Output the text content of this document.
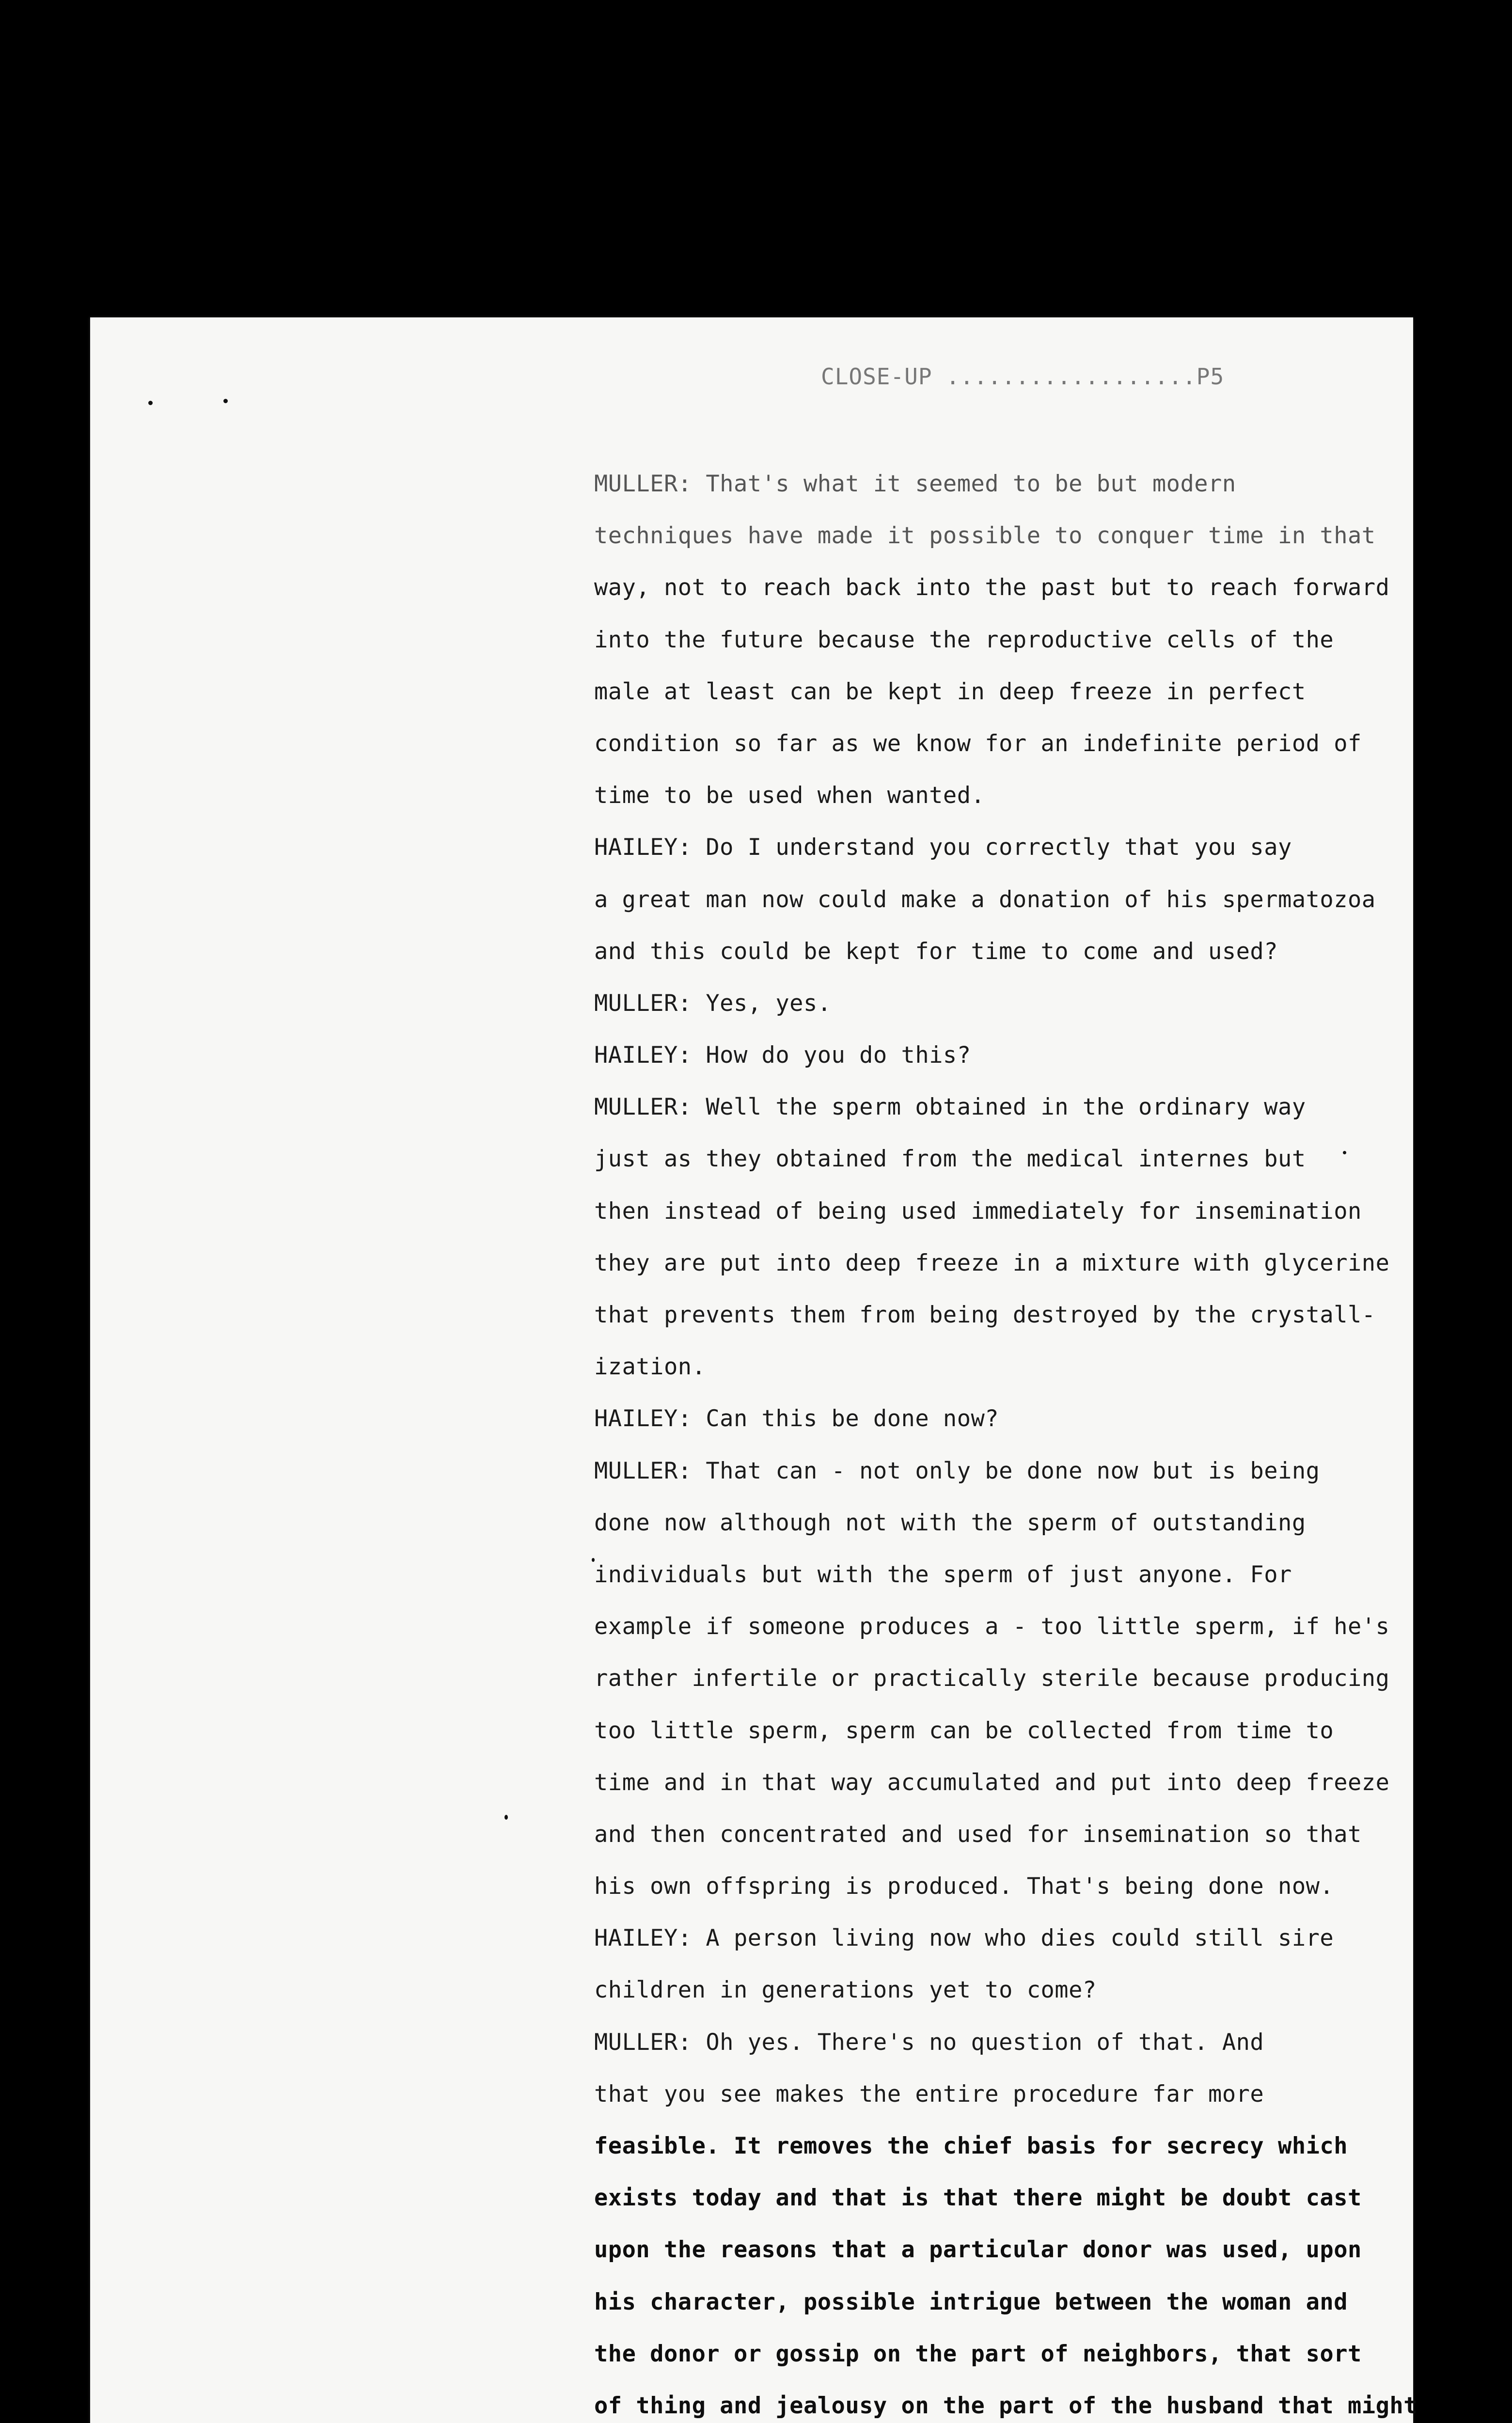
CLOSE-UP ..................P5
MULLER: That's what it seemed to be but modern
techniques have made it possible to conquer time in that
way, not to reach back into the past but to reach forward
into the future because the reproductive cells of the
male at least can be kept in deep freeze in perfect
condition so far as we know for an indefinite period of
time to be used when wanted.
HAILEY: Do I understand you correctly that you say
a great man now could make a donation of his spermatozoa
and this could be kept for time to come and used?
MULLER: Yes, yes.
HAILEY: How do you do this?
MULLER: Well the sperm obtained in the ordinary way
just as they obtained from the medical internes but
then instead of being used immediately for insemination
they are put into deep freeze in a mixture with glycerine
that prevents them from being destroyed by the crystall-
ization.
HAILEY: Can this be done now?
MULLER: That can - not only be done now but is being
done now although not with the sperm of outstanding
individuals but with the sperm of just anyone. For
example if someone produces a - too little sperm, if he's
rather infertile or practically sterile because producing
too little sperm, sperm can be collected from time to
time and in that way accumulated and put into deep freeze
and then concentrated and used for insemination so that
his own offspring is produced. That's being done now.
HAILEY: A person living now who dies could still sire
children in generations yet to come?
MULLER: Oh yes. There's no question of that. And
that you see makes the entire procedure far more
feasible. It removes the chief basis for secrecy which
exists today and that is that there might be doubt cast
upon the reasons that a particular donor was used, upon
his character, possible intrigue between the woman and
the donor or gossip on the part of neighbors, that sort
of thing and jealousy on the part of the husband that might
